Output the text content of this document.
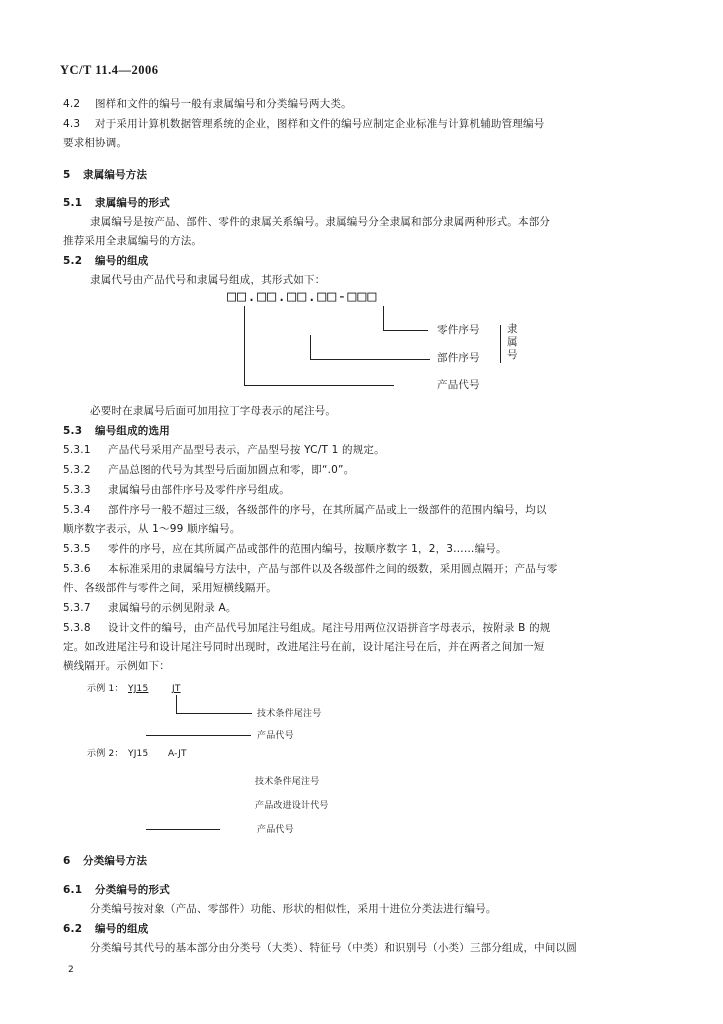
YC/T 11.4—2006
4.2 图样和文件的编号一般有隶属编号和分类编号两大类。
4.3 对于采用计算机数据管理系统的企业，图样和文件的编号应制定企业标准与计算机辅助管理编号
要求相协调。
5 隶属编号方法
5.1 隶属编号的形式
隶属编号是按产品、部件、零件的隶属关系编号。隶属编号分全隶属和部分隶属两种形式。本部分
推荐采用全隶属编号的方法。
5.2 编号的组成
隶属代号由产品代号和隶属号组成，其形式如下：
□□.□□.□□.□□-□□□
零件序号
部件序号
产品代号
隶
属
号
必要时在隶属号后面可加用拉丁字母表示的尾注号。
5.3 编号组成的选用
5.3.1 产品代号采用产品型号表示，产品型号按 YC/T 1 的规定。
5.3.2 产品总图的代号为其型号后面加圆点和零，即“.0”。
5.3.3 隶属编号由部件序号及零件序号组成。
5.3.4 部件序号一般不超过三级，各级部件的序号，在其所属产品或上一级部件的范围内编号，均以
顺序数字表示，从 1～99 顺序编号。
5.3.5 零件的序号，应在其所属产品或部件的范围内编号，按顺序数字 1，2，3……编号。
5.3.6 本标准采用的隶属编号方法中，产品与部件以及各级部件之间的级数，采用圆点隔开；产品与零
件、各级部件与零件之间，采用短横线隔开。
5.3.7 隶属编号的示例见附录 A。
5.3.8 设计文件的编号，由产品代号加尾注号组成。尾注号用两位汉语拼音字母表示，按附录 B 的规
定。如改进尾注号和设计尾注号同时出现时，改进尾注号在前，设计尾注号在后，并在两者之间加一短
横线隔开。示例如下：
示例 1： YJ15	JT
技术条件尾注号
产品代号
示例 2： YJ15 A-JT
技术条件尾注号
产品改进设计代号
产品代号
6 分类编号方法
6.1 分类编号的形式
分类编号按对象（产品、零部件）功能、形状的相似性，采用十进位分类法进行编号。
6.2 编号的组成
分类编号其代号的基本部分由分类号（大类）、特征号（中类）和识别号（小类）三部分组成，中间以圆
2
